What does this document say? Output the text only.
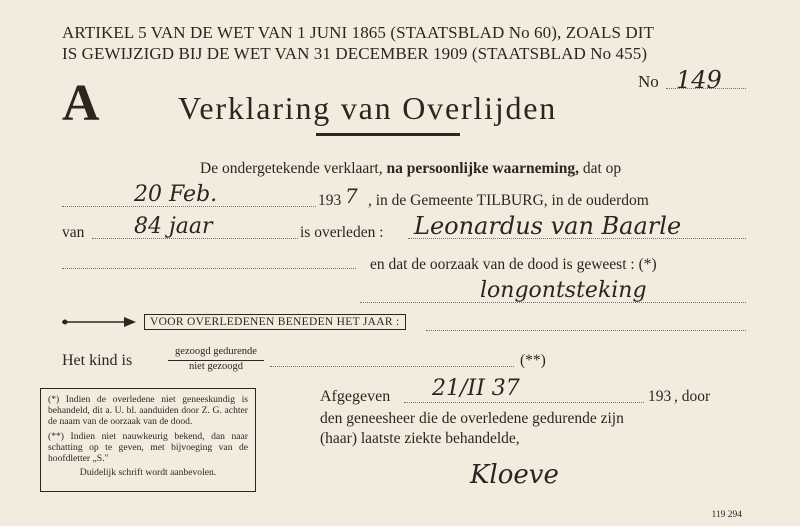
ARTIKEL 5 VAN DE WET VAN 1 JUNI 1865 (STAATSBLAD No 60), ZOALS DIT
IS GEWIJZIGD BIJ DE WET VAN 31 DECEMBER 1909 (STAATSBLAD No 455)
A	No 149
Verklaring van Overlijden
De ondergetekende verklaart, na persoonlijke waarneming, dat op
20 Feb.	193 7 , in de Gemeente TILBURG, in de ouderdom
van 84 jaar	is overleden : Leonardus van Baarle
en dat de oorzaak van de dood is geweest : (*)
longontsteking
VOOR OVERLEDENEN BENEDEN HET JAAR :
Het kind is
gezoogd gedurende
niet gezoogd	(**)

(*) Indien de overledene niet geneeskundig is behandeld, dit a. U. bl. aanduiden door Z. G. achter de naam van de oorzaak van de dood.

(**) Indien niet nauwkeurig bekend, dan naar schatting op te geven, met bijvoeging van de hoofdletter „S."

Duidelijk schrift wordt aanbevolen.

Afgegeven 21/II 37	193 , door
den geneesheer die de overledene gedurende zijn
(haar) laatste ziekte behandelde,
Kloeve
119 294
